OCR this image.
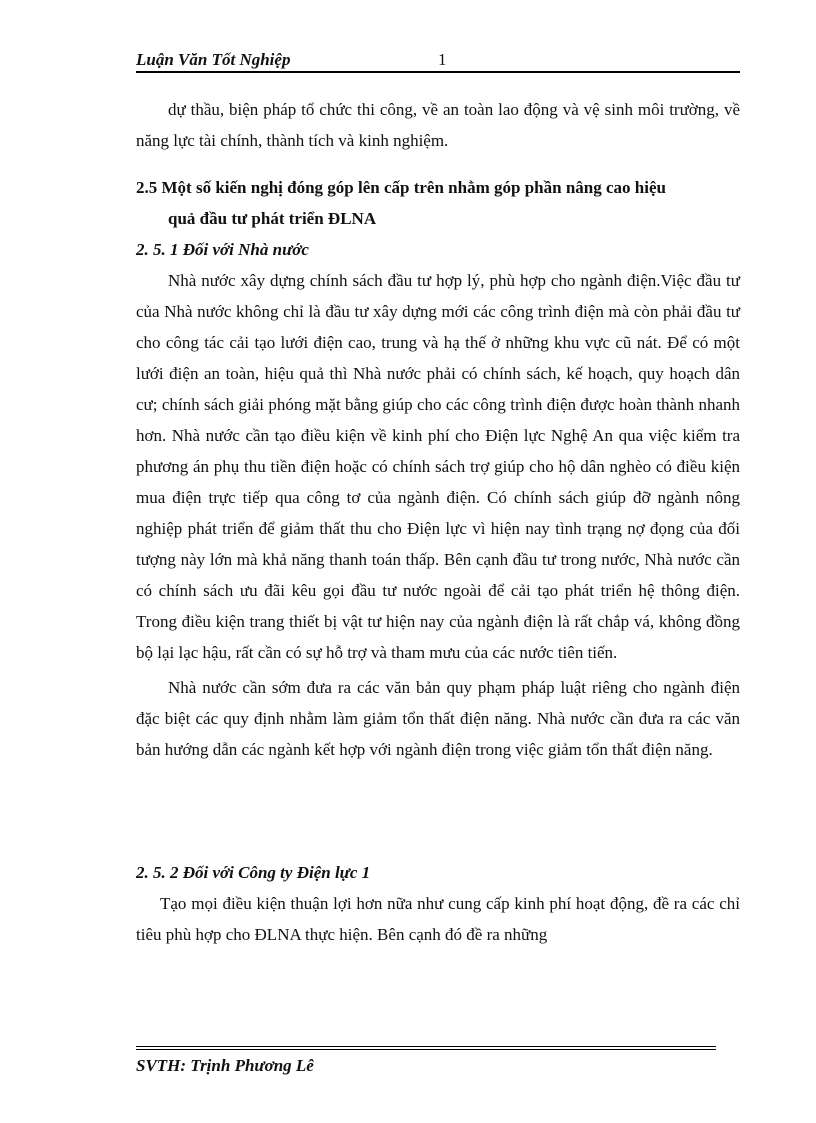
Luận Văn Tốt Nghiệp	1

dự thầu, biện pháp tổ chức thi công, về an toàn lao động và vệ sinh môi trường, về năng lực tài chính, thành tích và kinh nghiệm.

2.5 Một số kiến nghị đóng góp lên cấp trên nhằm góp phần nâng cao hiệu
quả đầu tư phát triển ĐLNA

2. 5. 1 Đối với Nhà nước

Nhà nước xây dựng chính sách đầu tư hợp lý, phù hợp cho ngành điện.Việc đầu tư của Nhà nước không chỉ là đầu tư xây dựng mới các công trình điện mà còn phải đầu tư cho công tác cải tạo lưới điện cao, trung và hạ thế ở những khu vực cũ nát. Để có một lưới điện an toàn, hiệu quả thì Nhà nước phải có chính sách, kế hoạch, quy hoạch dân cư; chính sách giải phóng mặt bằng giúp cho các công trình điện được hoàn thành nhanh hơn. Nhà nước cần tạo điều kiện về kinh phí cho Điện lực Nghệ An qua việc kiểm tra phương án phụ thu tiền điện hoặc có chính sách trợ giúp cho hộ dân nghèo có điều kiện mua điện trực tiếp qua công tơ của ngành điện. Có chính sách giúp đỡ ngành nông nghiệp phát triển để giảm thất thu cho Điện lực vì hiện nay tình trạng nợ đọng của đối tượng này lớn mà khả năng thanh toán thấp. Bên cạnh đầu tư trong nước, Nhà nước cần có chính sách ưu đãi kêu gọi đầu tư nước ngoài để cải tạo phát triển hệ thông điện. Trong điều kiện trang thiết bị vật tư hiện nay của ngành điện là rất chắp vá, không đồng bộ lại lạc hậu, rất cần có sự hỗ trợ và tham mưu của các nước tiên tiến.

Nhà nước cần sớm đưa ra các văn bản quy phạm pháp luật riêng cho ngành điện đặc biệt các quy định nhằm làm giảm tổn thất điện năng. Nhà nước cần đưa ra các văn bản hướng dẫn các ngành kết hợp với ngành điện trong việc giảm tổn thất điện năng.

2. 5. 2 Đối với Công ty Điện lực 1

Tạo mọi điều kiện thuận lợi hơn nữa như cung cấp kinh phí hoạt động, đề ra các chỉ tiêu phù hợp cho ĐLNA thực hiện. Bên cạnh đó đề ra những

SVTH: Trịnh Phương Lê
